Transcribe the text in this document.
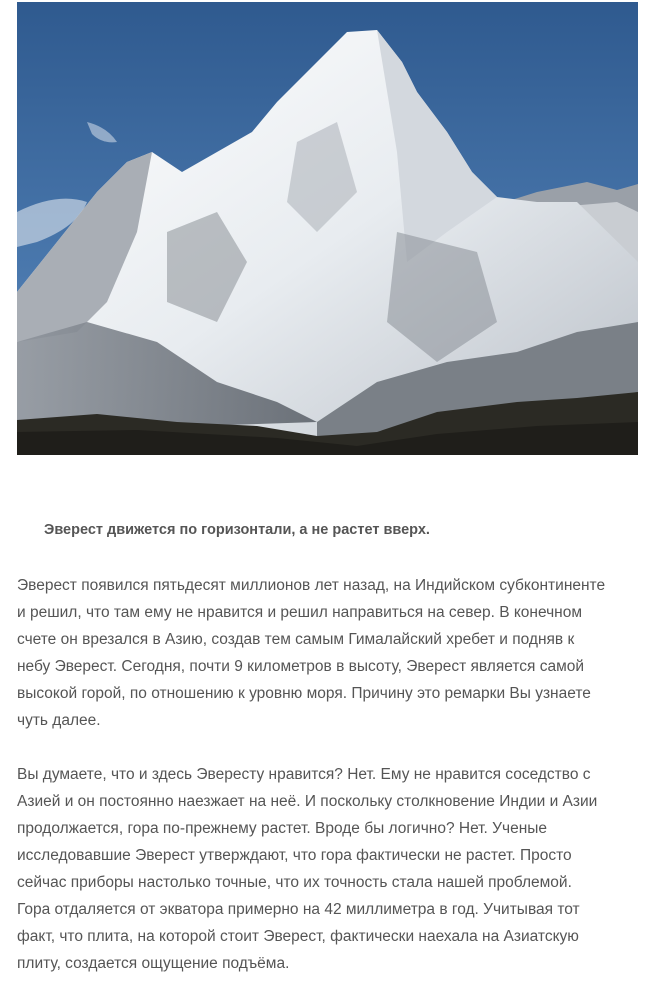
Эверест движется по горизонтали, а не растет вверх.

Эверест появился пятьдесят миллионов лет назад, на Индийском субконтиненте
и решил, что там ему не нравится и решил направиться на север. В конечном
счете он врезался в Азию, создав тем самым Гималайский хребет и подняв к
небу Эверест. Сегодня, почти 9 километров в высоту, Эверест является самой
высокой горой, по отношению к уровню моря. Причину это ремарки Вы узнаете
чуть далее.

Вы думаете, что и здесь Эвересту нравится? Нет. Ему не нравится соседство с
Азией и он постоянно наезжает на неё. И поскольку столкновение Индии и Азии
продолжается, гора по-прежнему растет. Вроде бы логично? Нет. Ученые
исследовавшие Эверест утверждают, что гора фактически не растет. Просто
сейчас приборы настолько точные, что их точность стала нашей проблемой.
Гора отдаляется от экватора примерно на 42 миллиметра в год. Учитывая тот
факт, что плита, на которой стоит Эверест, фактически наехала на Азиатскую
плиту, создается ощущение подъёма.
